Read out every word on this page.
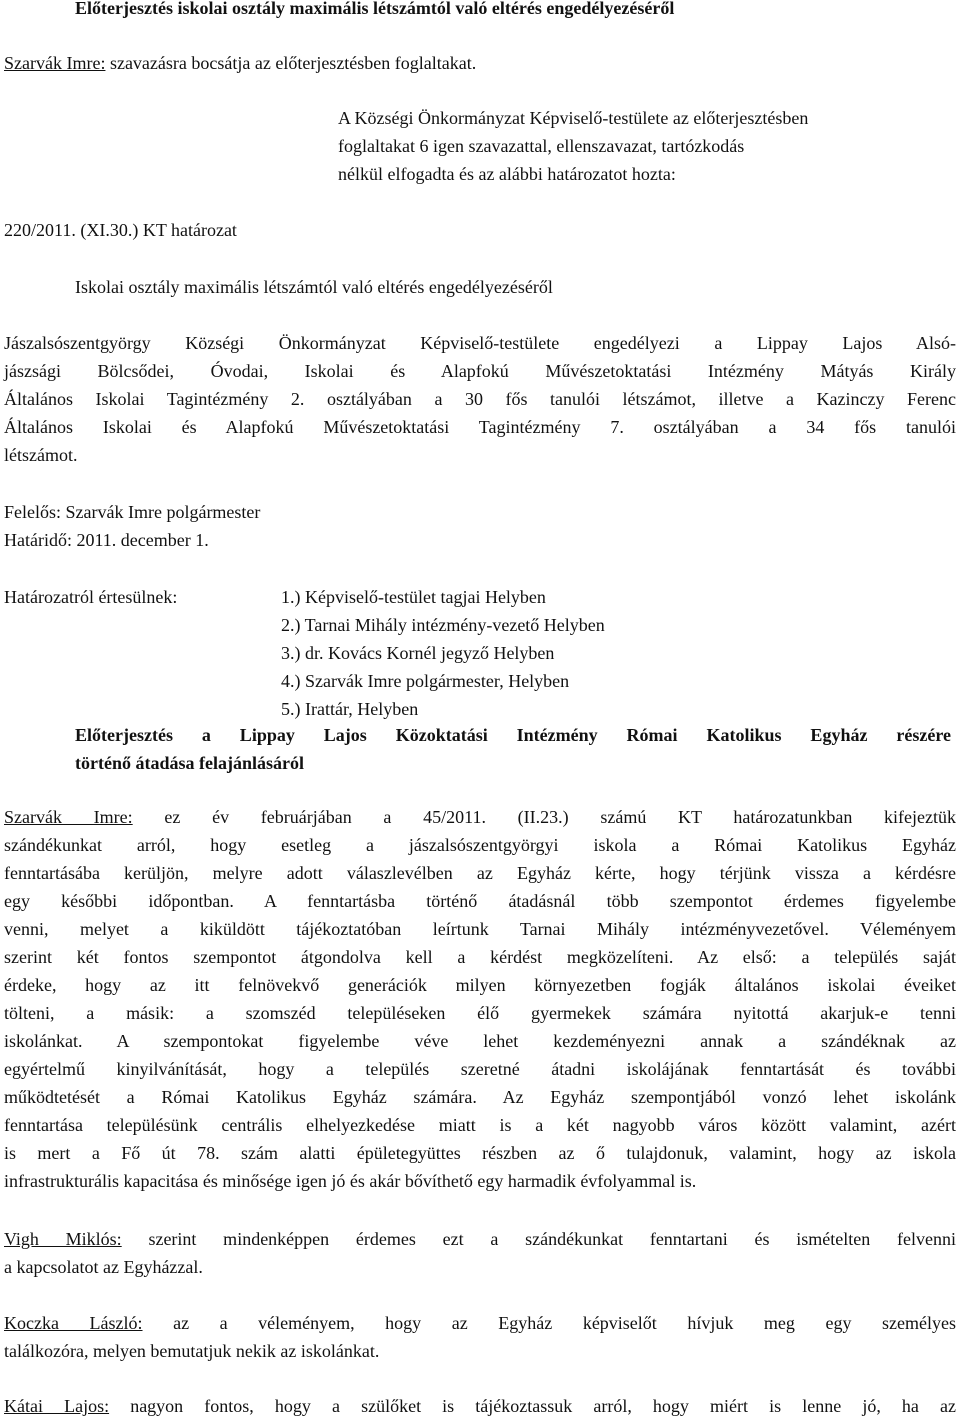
Előterjesztés iskolai osztály maximális létszámtól való eltérés engedélyezéséről
Szarvák Imre: szavazásra bocsátja az előterjesztésben foglaltakat.
A Községi Önkormányzat Képviselő-testülete az előterjesztésben
foglaltakat 6 igen szavazattal, ellenszavazat, tartózkodás
nélkül elfogadta és az alábbi határozatot hozta:
220/2011. (XI.30.) KT határozat
Iskolai osztály maximális létszámtól való eltérés engedélyezéséről
Jászalsószentgyörgy Községi Önkormányzat Képviselő-testülete engedélyezi a Lippay Lajos Alsó-
jászsági Bölcsődei, Óvodai, Iskolai és Alapfokú Művészetoktatási Intézmény Mátyás Király
Általános Iskolai Tagintézmény 2. osztályában a 30 fős tanulói létszámot, illetve a Kazinczy Ferenc
Általános Iskolai és Alapfokú Művészetoktatási Tagintézmény 7. osztályában a 34 fős tanulói
létszámot.
Felelős: Szarvák Imre polgármester
Határidő: 2011. december 1.
Határozatról értesülnek:	1.) Képviselő-testület tagjai Helyben
2.) Tarnai Mihály intézmény-vezető Helyben
3.) dr. Kovács Kornél jegyző Helyben
4.) Szarvák Imre polgármester, Helyben
5.) Irattár, Helyben
Előterjesztés a Lippay Lajos Közoktatási Intézmény Római Katolikus Egyház részére
történő átadása felajánlásáról
Szarvák Imre: ez év februárjában a 45/2011. (II.23.) számú KT határozatunkban kifejeztük
szándékunkat arról, hogy esetleg a jászalsószentgyörgyi iskola a Római Katolikus Egyház
fenntartásába kerüljön, melyre adott válaszlevélben az Egyház kérte, hogy térjünk vissza a kérdésre
egy későbbi időpontban. A fenntartásba történő átadásnál több szempontot érdemes figyelembe
venni, melyet a kiküldött tájékoztatóban leírtunk Tarnai Mihály intézményvezetővel. Véleményem
szerint két fontos szempontot átgondolva kell a kérdést megközelíteni. Az első: a település saját
érdeke, hogy az itt felnövekvő generációk milyen környezetben fogják általános iskolai éveiket
tölteni, a másik: a szomszéd településeken élő gyermekek számára nyitottá akarjuk-e tenni
iskolánkat. A szempontokat figyelembe véve lehet kezdeményezni annak a szándéknak az
egyértelmű kinyilvánítását, hogy a település szeretné átadni iskolájának fenntartását és további
működtetését a Római Katolikus Egyház számára. Az Egyház szempontjából vonzó lehet iskolánk
fenntartása településünk centrális elhelyezkedése miatt is a két nagyobb város között valamint, azért
is mert a Fő út 78. szám alatti épületegyüttes részben az ő tulajdonuk, valamint, hogy az iskola
infrastrukturális kapacitása és minősége igen jó és akár bővíthető egy harmadik évfolyammal is.
Vigh Miklós: szerint mindenképpen érdemes ezt a szándékunkat fenntartani és ismételten felvenni
a kapcsolatot az Egyházzal.
Koczka László: az a véleményem, hogy az Egyház képviselőt hívjuk meg egy személyes
találkozóra, melyen bemutatjuk nekik az iskolánkat.
Kátai Lajos: nagyon fontos, hogy a szülőket is tájékoztassuk arról, hogy miért is lenne jó, ha az
